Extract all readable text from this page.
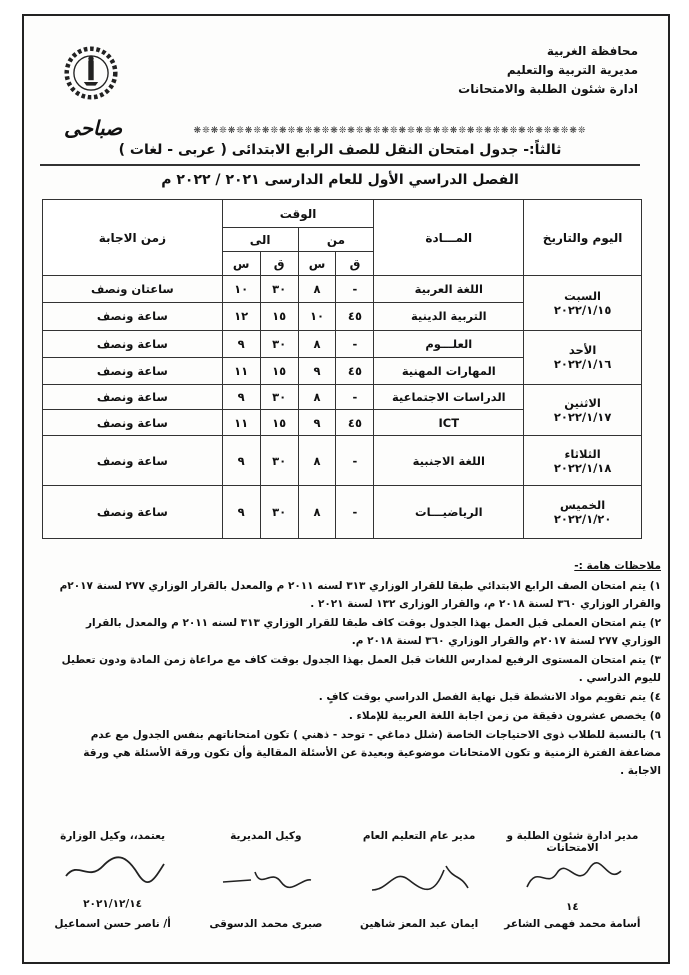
محافظة الغربية
مديرية التربية والتعليم
ادارة شئون الطلبة والامتحانات
صباحى	❋❊❋❊❋❊❋❊❋❊❋❊❋❊❋❊❋❊❋❊❋❊❋❊❋❊❋❊❋❊❋❊❋❊❋❊❋❊❋❊❋❊❋❊❋❊
ثالثاً:- جدول امتحان النقل للصف الرابع الابتدائى ( عربى - لغات )
الفصل الدراسي الأول للعام الدارسى ٢٠٢١ / ٢٠٢٢ م
اليوم والتاريخ	المـــادة	الوقت				زمن الاجابة
		من		الى		
		ق	س	ق	س	

السبت
٢٠٢٢/١/١٥	اللغة العربية	-	٨	٣٠	١٠	ساعتان ونصف
	التربية الدينية	٤٥	١٠	١٥	١٢	ساعة ونصف

الأحد
٢٠٢٢/١/١٦	العلـــوم	-	٨	٣٠	٩	ساعة ونصف
	المهارات المهنية	٤٥	٩	١٥	١١	ساعة ونصف

الاثنين
٢٠٢٢/١/١٧	الدراسات الاجتماعية	-	٨	٣٠	٩	ساعة ونصف
	ICT	٤٥	٩	١٥	١١	ساعة ونصف

الثلاثاء
٢٠٢٢/١/١٨	اللغة الاجنبية	-	٨	٣٠	٩	ساعة ونصف

الخميس
٢٠٢٢/١/٢٠	الرياضيـــات	-	٨	٣٠	٩	ساعة ونصف
ملاحظات هامة :-

١) يتم امتحان الصف الرابع الابتدائي طبقا للقرار الوزاري ٣١٣ لسنه ٢٠١١ م والمعدل بالقرار الوزاري ٢٧٧ لسنة ٢٠١٧م والقرار الوزاري ٣٦٠ لسنة ٢٠١٨ م، والقرار الوزارى ١٣٢ لسنة ٢٠٢١ .

٢) يتم امتحان العملى قبل العمل بهذا الجدول بوقت كاف طبقا للقرار الوزاري ٣١٣ لسنه ٢٠١١ م والمعدل بالقرار الوزاري ٢٧٧ لسنة ٢٠١٧م والقرار الوزاري ٣٦٠ لسنة ٢٠١٨ م.

٣) يتم امتحان المستوى الرفيع لمدارس اللغات قبل العمل بهذا الجدول بوقت كاف مع مراعاة زمن المادة ودون تعطيل لليوم الدراسي .

٤) يتم تقويم مواد الانشطة قبل نهاية الفصل الدراسي بوقت كافٍ .

٥) يخصص عشرون دقيقة من زمن اجابة اللغة العربية للإملاء .

٦) بالنسبة للطلاب ذوى الاحتياجات الخاصة (شلل دماغي - توحد - ذهني ) تكون امتحاناتهم بنفس الجدول مع عدم مضاعفة الفترة الزمنية و تكون الامتحانات موضوعية وبعيدة عن الأسئلة المقالية وأن تكون ورقة الأسئلة هي ورقة الاجابة .

مدير ادارة شئون الطلبة و الامتحانات
١٤
أسامة محمد فهمى الشاعر
مدير عام التعليم العام
ايمان عبد المعز شاهين
وكيل المديرية
صبرى محمد الدسوقى
يعتمد،، وكيل الوزارة
٢٠٢١/١٢/١٤
أ/ ناصر حسن اسماعيل
